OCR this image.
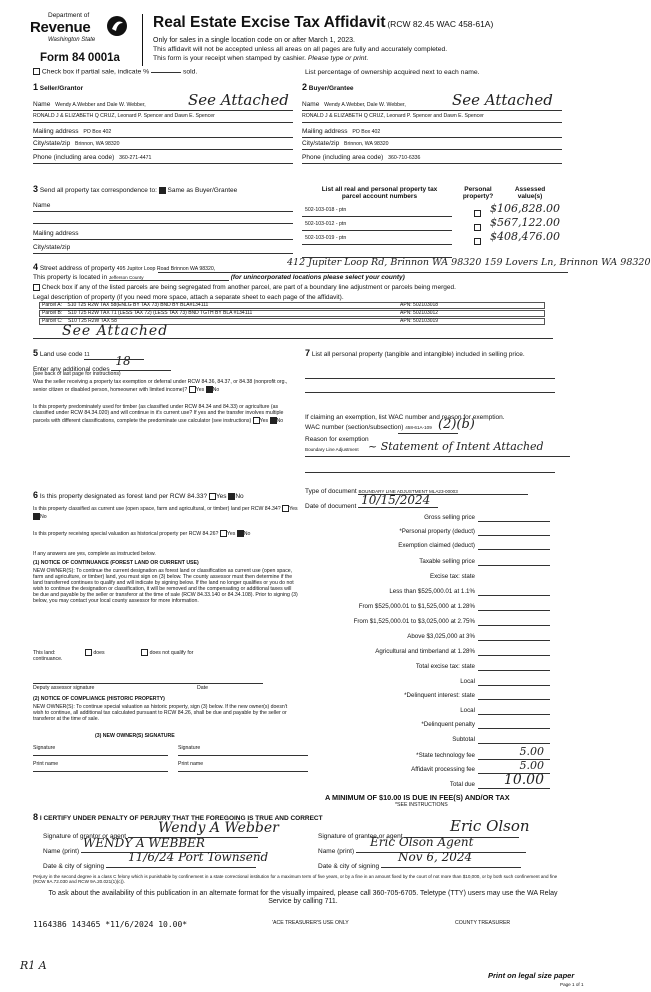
Department of
Revenue
Washington State
Form 84 0001a
Real Estate Excise Tax Affidavit (RCW 82.45 WAC 458-61A)
Only for sales in a single location code on or after March 1, 2023.
This affidavit will not be accepted unless all areas on all pages are fully and accurately completed.
This form is your receipt when stamped by cashier. Please type or print.
Check box if partial sale, indicate %	sold.	List percentage of ownership acquired next to each name.
1 Seller/Grantor
Name Wendy A.Webber and Dale W. Webber,	See Attached
RONALD J & ELIZABETH Q CRUZ, Leonard P. Spencer and Dawn E. Spencer
Mailing address PO Box 402
City/state/zip Brinnon, WA 98320
Phone (including area code) 360-271-4471
2 Buyer/Grantee
Name Wendy A.Webber, Dale W. Webber,	See Attached
RONALD J & ELIZABETH Q CRUZ, Leonard P. Spencer and Dawn E. Spencer
Mailing address PO Box 402
City/state/zip Brinnon, WA 98320
Phone (including area code) 360-710-6336
3 Send all property tax correspondence to: Same as Buyer/Grantee
Name
Mailing address
City/state/zip
List all real and personal property tax
parcel account numbers
Personal property?
Assessed value(s)
502-103-018 - ptn	$106,828.00
502-103-012 - ptn	$567,122.00
502-103-019 - ptn	$408,476.00
4 Street address of property 495 Jupitor Loop Road Brinnon WA 98320,
412 Jupiter Loop Rd, Brinnon WA 98320 159 Lovers Ln, Brinnon WA 98320
This property is located in Jefferson County	(for unincorporated locations please select your county)
Check box if any of the listed parcels are being segregated from another parcel, are part of a boundary line adjustment or parcels being merged.
Legal description of property (if you need more space, attach a separate sheet to each page of the affidavit).
Parcel A: S10 T25 R2W TAX 58(ENLG BY TAX 73) BND BY BLA#134111	APN: 502103018
Parcel B: S10 T25 R2W TAX 71 (LESS TAX 72) (LESS TAX 73) BND TGTH BY BLA #134111	APN: 502103012
Parcel C: S10 T25 R2W TAX 58	APN: 502103019
See Attached
5 Land use code 11
Enter any additional codes
18
(see back of last page for instructions)
Was the seller receiving a property tax exemption or deferral under RCW 84.36, 84.37, or 84.38 (nonprofit org., senior citizen or disabled person, homeowner with limited income)? Yes No
Is this property predominately used for timber (as classified under RCW 84.34 and 84.33) or agriculture (as classified under RCW 84.34.020) and will continue in it's current use? If yes and the transfer involves multiple parcels with different classifications, complete the predominate use calculator (see instructions) Yes No
6 Is this property designated as forest land per RCW 84.33? Yes No
Is this property classified as current use (open space, farm and agricultural, or timber) land per RCW 84.34? Yes No
Is this property receiving special valuation as historical property per RCW 84.26? Yes No
If any answers are yes, complete as instructed below.
(1) NOTICE OF CONTINUANCE (FOREST LAND OR CURRENT USE)
NEW OWNER(S): To continue the current designation as forest land or classification as current use (open space, farm and agriculture, or timber) land, you must sign on (3) below. The county assessor must then determine if the land transferred continues to qualify and will indicate by signing below. If the land no longer qualifies or you do not wish to continue the designation or classification, it will be removed and the compensating or additional taxes will be due and payable by the seller or transferor at the time of sale (RCW 84.33.140 or 84.34.108). Prior to signing (3) below, you may contact your local county assessor for more information.
This land:	does	does not qualify for
continuance.
Deputy assessor signature	Date
(2) NOTICE OF COMPLIANCE (HISTORIC PROPERTY)
NEW OWNER(S): To continue special valuation as historic property, sign (3) below. If the new owner(s) doesn't wish to continue, all additional tax calculated pursuant to RCW 84.26, shall be due and payable by the seller or transferor at the time of sale.
(3) NEW OWNER(S) SIGNATURE
Signature	Signature
Print name	Print name
7 List all personal property (tangible and intangible) included in selling price.
If claiming an exemption, list WAC number and reason for exemption.
WAC number (section/subsection) 458-61A-109 (2)(b)
Reason for exemption
Boundary Line Adjustment ~ Statement of Intent Attached
Type of document BOUNDARY LINE ADJUSTMENT MLA23-00003
Date of document 10/15/2024
Gross selling price
*Personal property (deduct)
Exemption claimed (deduct)
Taxable selling price
Excise tax: state
Less than $525,000.01 at 1.1%
From $525,000.01 to $1,525,000 at 1.28%
From $1,525,000.01 to $3,025,000 at 2.75%
Above $3,025,000 at 3%
Agricultural and timberland at 1.28%
Total excise tax: state
Local
*Delinquent interest: state
Local
*Delinquent penalty
Subtotal
*State technology fee	5.00
Affidavit processing fee	5.00
Total due 10.00
A MINIMUM OF $10.00 IS DUE IN FEE(S) AND/OR TAX
*SEE INSTRUCTIONS
8 I CERTIFY UNDER PENALTY OF PERJURY THAT THE FOREGOING IS TRUE AND CORRECT
Signature of grantor or agent
Wendy A Webber
Name (print)
WENDY A WEBBER
Date & city of signing
11/6/24 Port Townsend
Signature of grantee or agent
Eric Olson
Name (print)
Eric Olson Agent
Date & city of signing
Nov 6, 2024
Perjury in the second degree is a class C felony which is punishable by confinement in a state correctional institution for a maximum term of five years, or by a fine in an amount fixed by the court of not more than $10,000, or by both such confinement and fine (RCW 9A.72.030 and RCW 9A.20.021(1)(c)).
To ask about the availability of this publication in an alternate format for the visually impaired, please call 360-705-6705. Teletype (TTY) users may use the WA Relay Service by calling 711.
1164386 143465 *11/6/2024 10.00*	'ACE TREASURER'S USE ONLY	COUNTY TREASURER
R1 A
Print on legal size paper
Page 1 of 1
